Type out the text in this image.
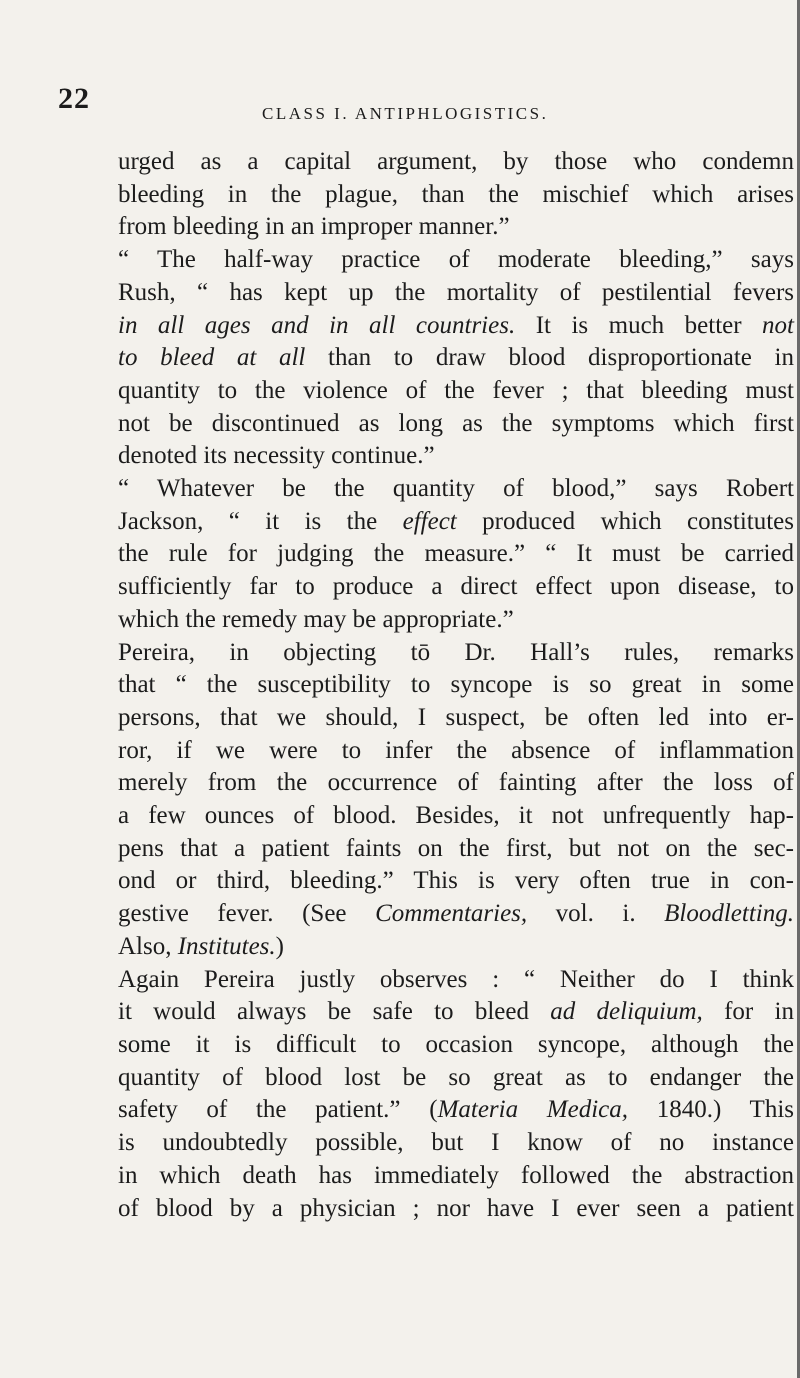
22	CLASS I. ANTIPHLOGISTICS.
urged as a capital argument, by those who condemn
bleeding in the plague, than the mischief which arises
from bleeding in an improper manner.”
“ The half-way practice of moderate bleeding,” says
Rush, “ has kept up the mortality of pestilential fevers
in all ages and in all countries. It is much better not
to bleed at all than to draw blood disproportionate in
quantity to the violence of the fever ; that bleeding must
not be discontinued as long as the symptoms which first
denoted its necessity continue.”
“ Whatever be the quantity of blood,” says Robert
Jackson, “ it is the effect produced which constitutes
the rule for judging the measure.” “ It must be carried
sufficiently far to produce a direct effect upon disease, to
which the remedy may be appropriate.”
Pereira, in objecting tō Dr. Hall’s rules, remarks
that “ the susceptibility to syncope is so great in some
persons, that we should, I suspect, be often led into er-
ror, if we were to infer the absence of inflammation
merely from the occurrence of fainting after the loss of
a few ounces of blood. Besides, it not unfrequently hap-
pens that a patient faints on the first, but not on the sec-
ond or third, bleeding.” This is very often true in con-
gestive fever. (See Commentaries, vol. i. Bloodletting.
Also, Institutes.)
Again Pereira justly observes : “ Neither do I think
it would always be safe to bleed ad deliquium, for in
some it is difficult to occasion syncope, although the
quantity of blood lost be so great as to endanger the
safety of the patient.” (Materia Medica, 1840.) This
is undoubtedly possible, but I know of no instance
in which death has immediately followed the abstraction
of blood by a physician ; nor have I ever seen a patient
